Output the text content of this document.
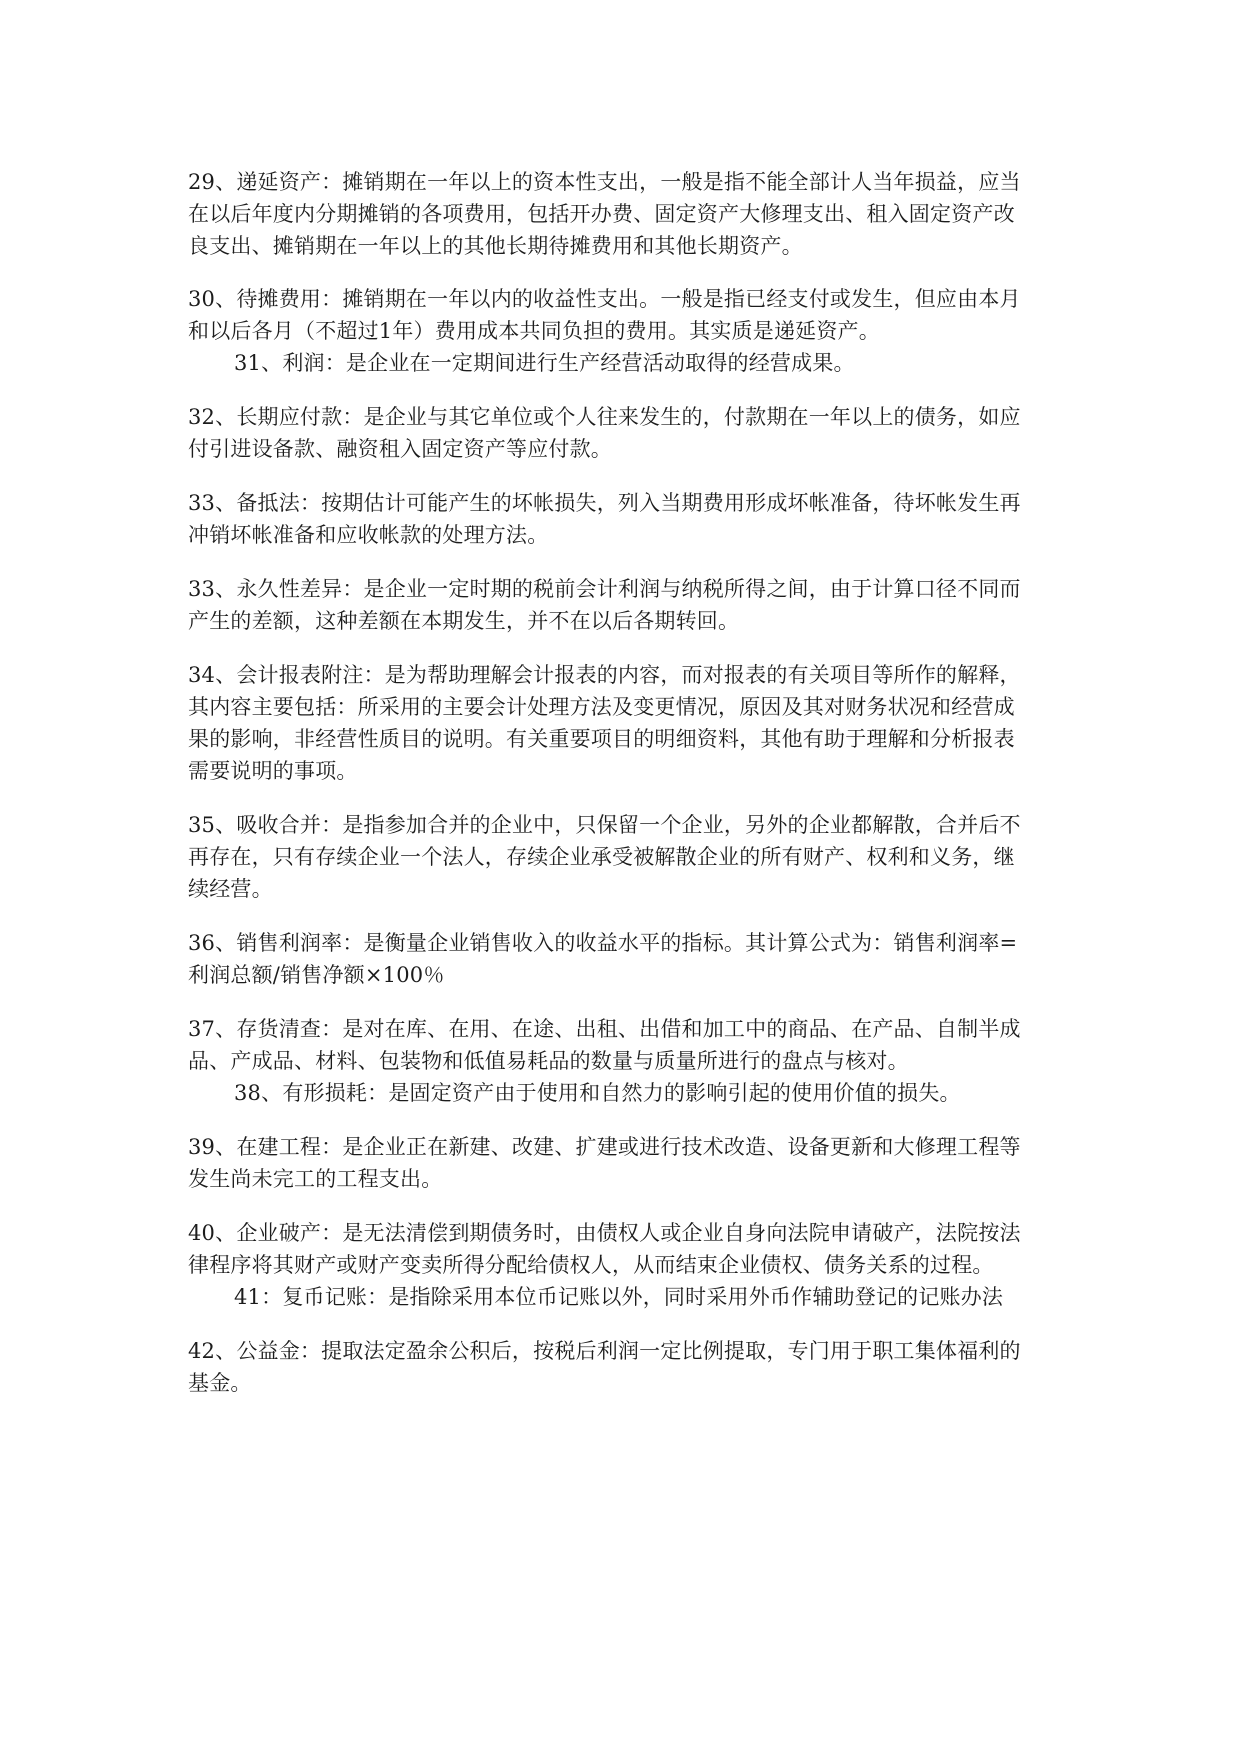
29、递延资产：摊销期在一年以上的资本性支出，一般是指不能全部计人当年损益，应当
在以后年度内分期摊销的各项费用，包括开办费、固定资产大修理支出、租入固定资产改
良支出、摊销期在一年以上的其他长期待摊费用和其他长期资产。
30、待摊费用：摊销期在一年以内的收益性支出。一般是指已经支付或发生，但应由本月
和以后各月（不超过1年）费用成本共同负担的费用。其实质是递延资产。
31、利润：是企业在一定期间进行生产经营活动取得的经营成果。
32、长期应付款：是企业与其它单位或个人往来发生的，付款期在一年以上的债务，如应
付引进设备款、融资租入固定资产等应付款。
33、备抵法：按期估计可能产生的坏帐损失，列入当期费用形成坏帐准备，待坏帐发生再
冲销坏帐准备和应收帐款的处理方法。
33、永久性差异：是企业一定时期的税前会计利润与纳税所得之间，由于计算口径不同而
产生的差额，这种差额在本期发生，并不在以后各期转回。
34、会计报表附注：是为帮助理解会计报表的内容，而对报表的有关项目等所作的解释，
其内容主要包括：所采用的主要会计处理方法及变更情况，原因及其对财务状况和经营成
果的影响，非经营性质目的说明。有关重要项目的明细资料，其他有助于理解和分析报表
需要说明的事项。
35、吸收合并：是指参加合并的企业中，只保留一个企业，另外的企业都解散，合并后不
再存在，只有存续企业一个法人，存续企业承受被解散企业的所有财产、权利和义务，继
续经营。
36、销售利润率：是衡量企业销售收入的收益水平的指标。其计算公式为：销售利润率=
利润总额/销售净额×100％
37、存货清查：是对在库、在用、在途、出租、出借和加工中的商品、在产品、自制半成
品、产成品、材料、包装物和低值易耗品的数量与质量所进行的盘点与核对。
38、有形损耗：是固定资产由于使用和自然力的影响引起的使用价值的损失。
39、在建工程：是企业正在新建、改建、扩建或进行技术改造、设备更新和大修理工程等
发生尚未完工的工程支出。
40、企业破产：是无法清偿到期债务时，由债权人或企业自身向法院申请破产，法院按法
律程序将其财产或财产变卖所得分配给债权人，从而结束企业债权、债务关系的过程。
41：复币记账：是指除采用本位币记账以外，同时采用外币作辅助登记的记账办法
42、公益金：提取法定盈余公积后，按税后利润一定比例提取，专门用于职工集体福利的
基金。
